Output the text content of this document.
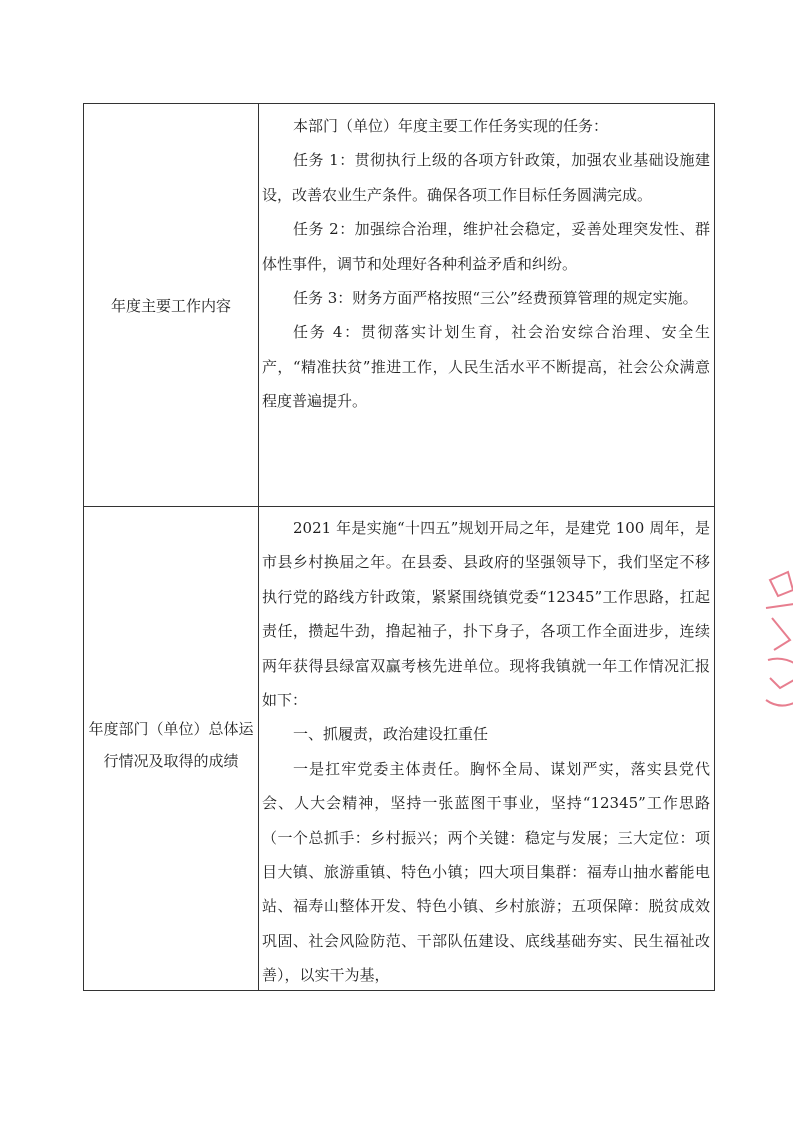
年度主要工作内容

本部门（单位）年度主要工作任务实现的任务：

任务 1：贯彻执行上级的各项方针政策，加强农业基础设施建设，改善农业生产条件。确保各项工作目标任务圆满完成。

任务 2：加强综合治理，维护社会稳定，妥善处理突发性、群体性事件，调节和处理好各种利益矛盾和纠纷。

任务 3：财务方面严格按照“三公”经费预算管理的规定实施。

任务 4：贯彻落实计划生育，社会治安综合治理、安全生产，“精准扶贫”推进工作，人民生活水平不断提高，社会公众满意程度普遍提升。

年度部门（单位）总体运
行情况及取得的成绩

2021 年是实施“十四五”规划开局之年，是建党 100 周年，是市县乡村换届之年。在县委、县政府的坚强领导下，我们坚定不移执行党的路线方针政策，紧紧围绕镇党委“12345”工作思路，扛起责任，攒起牛劲，撸起袖子，扑下身子，各项工作全面进步，连续两年获得县绿富双赢考核先进单位。现将我镇就一年工作情况汇报如下：

一、抓履责，政治建设扛重任

一是扛牢党委主体责任。胸怀全局、谋划严实，落实县党代会、人大会精神，坚持一张蓝图干事业，坚持“12345”工作思路（一个总抓手：乡村振兴；两个关键：稳定与发展；三大定位：项目大镇、旅游重镇、特色小镇；四大项目集群：福寿山抽水蓄能电站、福寿山整体开发、特色小镇、乡村旅游；五项保障：脱贫成效巩固、社会风险防范、干部队伍建设、底线基础夯实、民生福祉改善），以实干为基，
